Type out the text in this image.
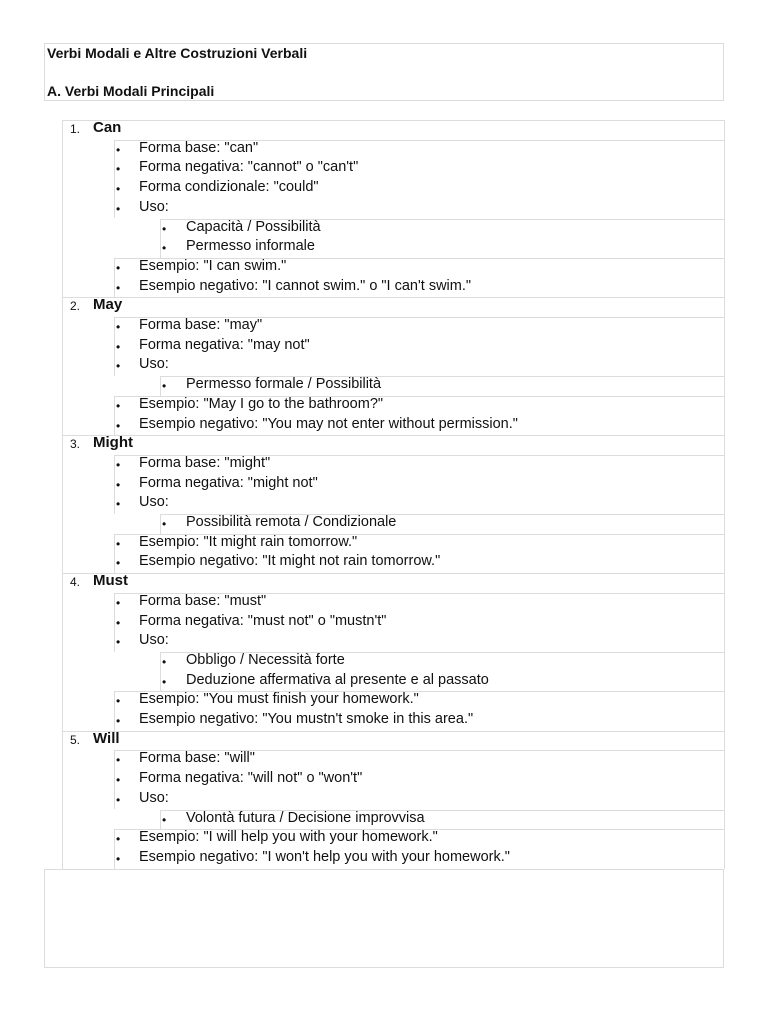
Verbi Modali e Altre Costruzioni Verbali
A. Verbi Modali Principali
1. Can
• Forma base: "can"
• Forma negativa: "cannot" o "can't"
• Forma condizionale: "could"
• Uso:
• Capacità / Possibilità
• Permesso informale
• Esempio: "I can swim."
• Esempio negativo: "I cannot swim." o "I can't swim."
2. May
• Forma base: "may"
• Forma negativa: "may not"
• Uso:
• Permesso formale / Possibilità
• Esempio: "May I go to the bathroom?"
• Esempio negativo: "You may not enter without permission."
3. Might
• Forma base: "might"
• Forma negativa: "might not"
• Uso:
• Possibilità remota / Condizionale
• Esempio: "It might rain tomorrow."
• Esempio negativo: "It might not rain tomorrow."
4. Must
• Forma base: "must"
• Forma negativa: "must not" o "mustn't"
• Uso:
• Obbligo / Necessità forte
• Deduzione affermativa al presente e al passato
• Esempio: "You must finish your homework."
• Esempio negativo: "You mustn't smoke in this area."
5. Will
• Forma base: "will"
• Forma negativa: "will not" o "won't"
• Uso:
• Volontà futura / Decisione improvvisa
• Esempio: "I will help you with your homework."
• Esempio negativo: "I won't help you with your homework."
